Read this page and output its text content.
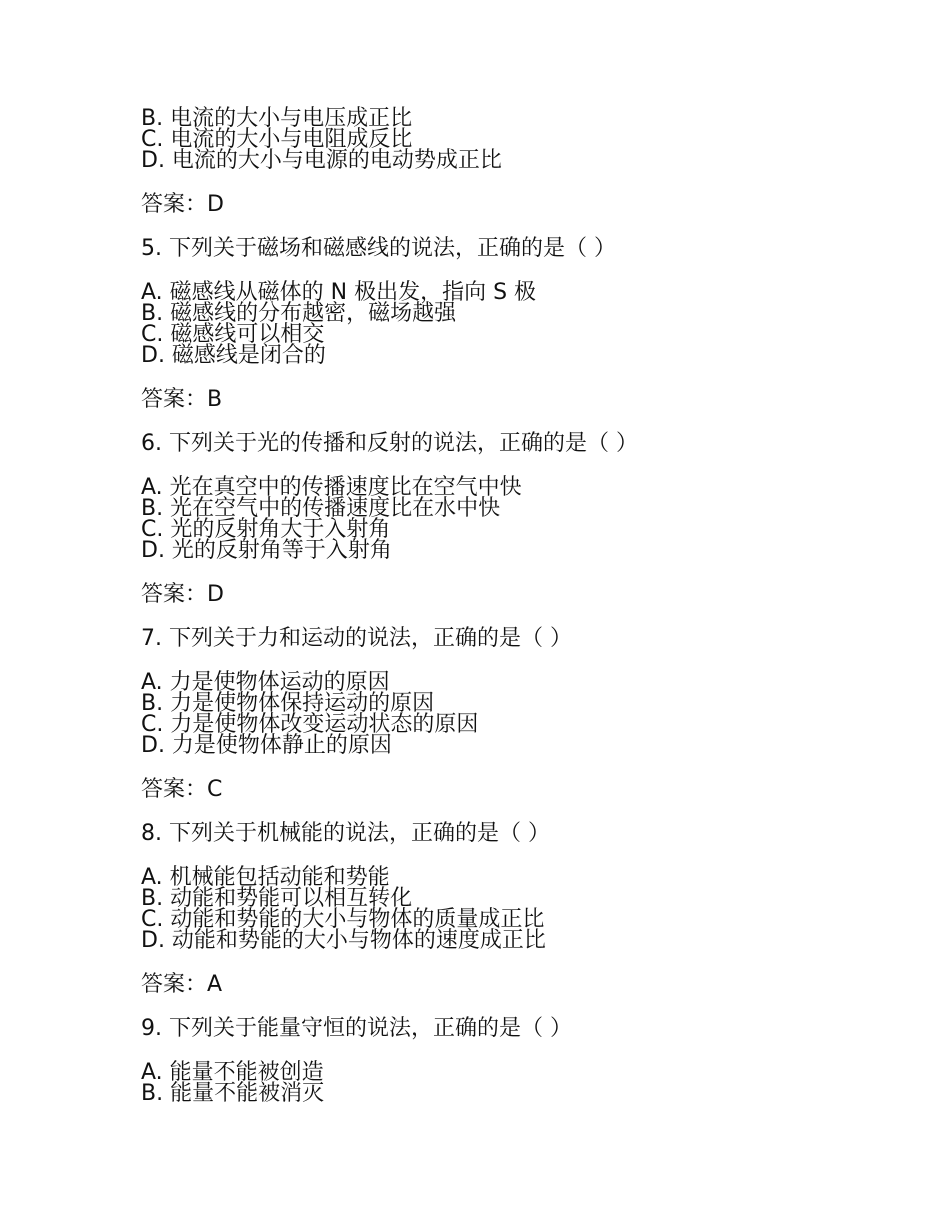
B. 电流的大小与电压成正比
C. 电流的大小与电阻成反比
D. 电流的大小与电源的电动势成正比
答案：D
5. 下列关于磁场和磁感线的说法，正确的是（ ）
A. 磁感线从磁体的 N 极出发，指向 S 极
B. 磁感线的分布越密，磁场越强
C. 磁感线可以相交
D. 磁感线是闭合的
答案：B
6. 下列关于光的传播和反射的说法，正确的是（ ）
A. 光在真空中的传播速度比在空气中快
B. 光在空气中的传播速度比在水中快
C. 光的反射角大于入射角
D. 光的反射角等于入射角
答案：D
7. 下列关于力和运动的说法，正确的是（ ）
A. 力是使物体运动的原因
B. 力是使物体保持运动的原因
C. 力是使物体改变运动状态的原因
D. 力是使物体静止的原因
答案：C
8. 下列关于机械能的说法，正确的是（ ）
A. 机械能包括动能和势能
B. 动能和势能可以相互转化
C. 动能和势能的大小与物体的质量成正比
D. 动能和势能的大小与物体的速度成正比
答案：A
9. 下列关于能量守恒的说法，正确的是（ ）
A. 能量不能被创造
B. 能量不能被消灭
